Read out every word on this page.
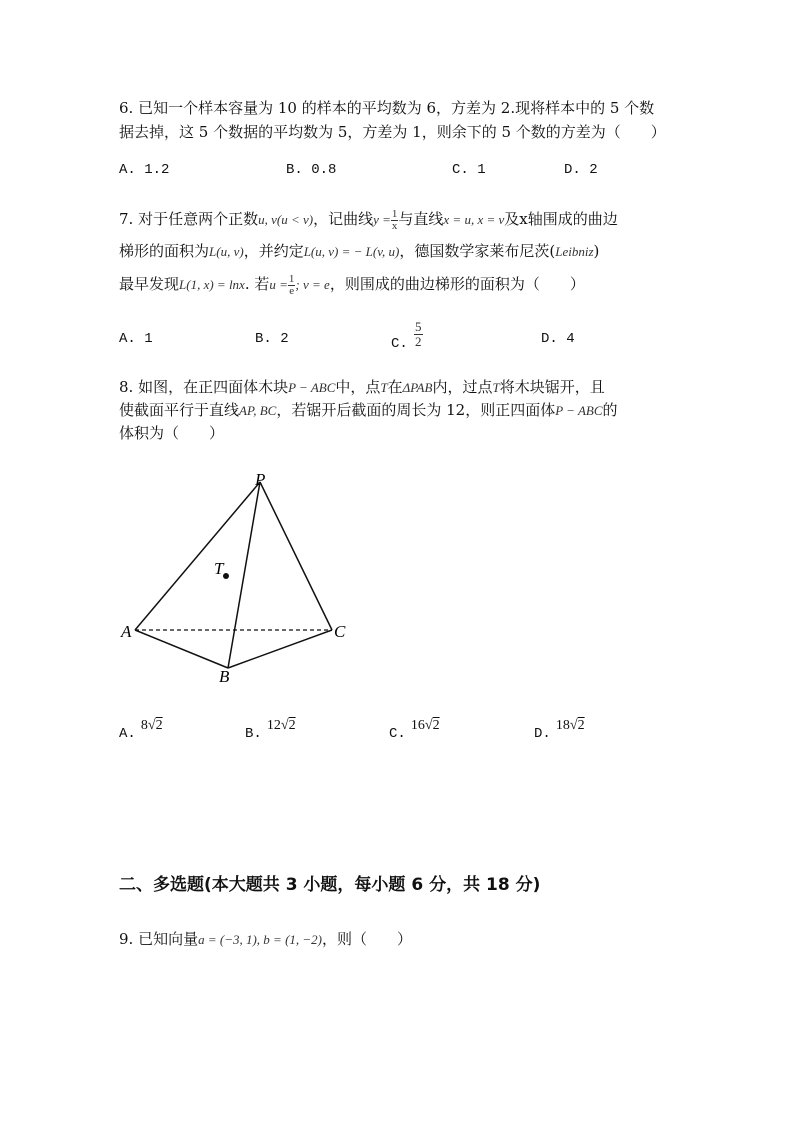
6. 已知一个样本容量为 10 的样本的平均数为 6，方差为 2.现将样本中的 5 个数
据去掉，这 5 个数据的平均数为 5，方差为 1，则余下的 5 个数的方差为（　　）
A. 1.2	B. 0.8	C. 1	D. 2
7. 对于任意两个正数u, v(u < v)，记曲线$y = \frac{1}{x}$ 与直线x = u, x = v及x轴围成的曲边
梯形的面积为L(u, v)，并约定L(u, v) = − L(v, u)，德国数学家莱布尼茨(Leibniz)
最早发现L(1, x) = lnx. 若$u = \frac{1}{e}$ ; v = e，则围成的曲边梯形的面积为（　　）
A. 1	B. 2	C. $\frac{5}{2}$	D. 4
8. 如图，在正四面体木块P − ABC中，点T在ΔPAB内，过点T将木块锯开，且
使截面平行于直线AP, BC，若锯开后截面的周长为 12，则正四面体P − ABC的
体积为（　　）
P
T
A
B
C
A. 8√2
B. 12√2
C. 16√2
D. 18√2
二、多选题(本大题共 3 小题，每小题 6 分，共 18 分)
9. 已知向量a = (−3, 1), b = (1, −2)，则（　　）
